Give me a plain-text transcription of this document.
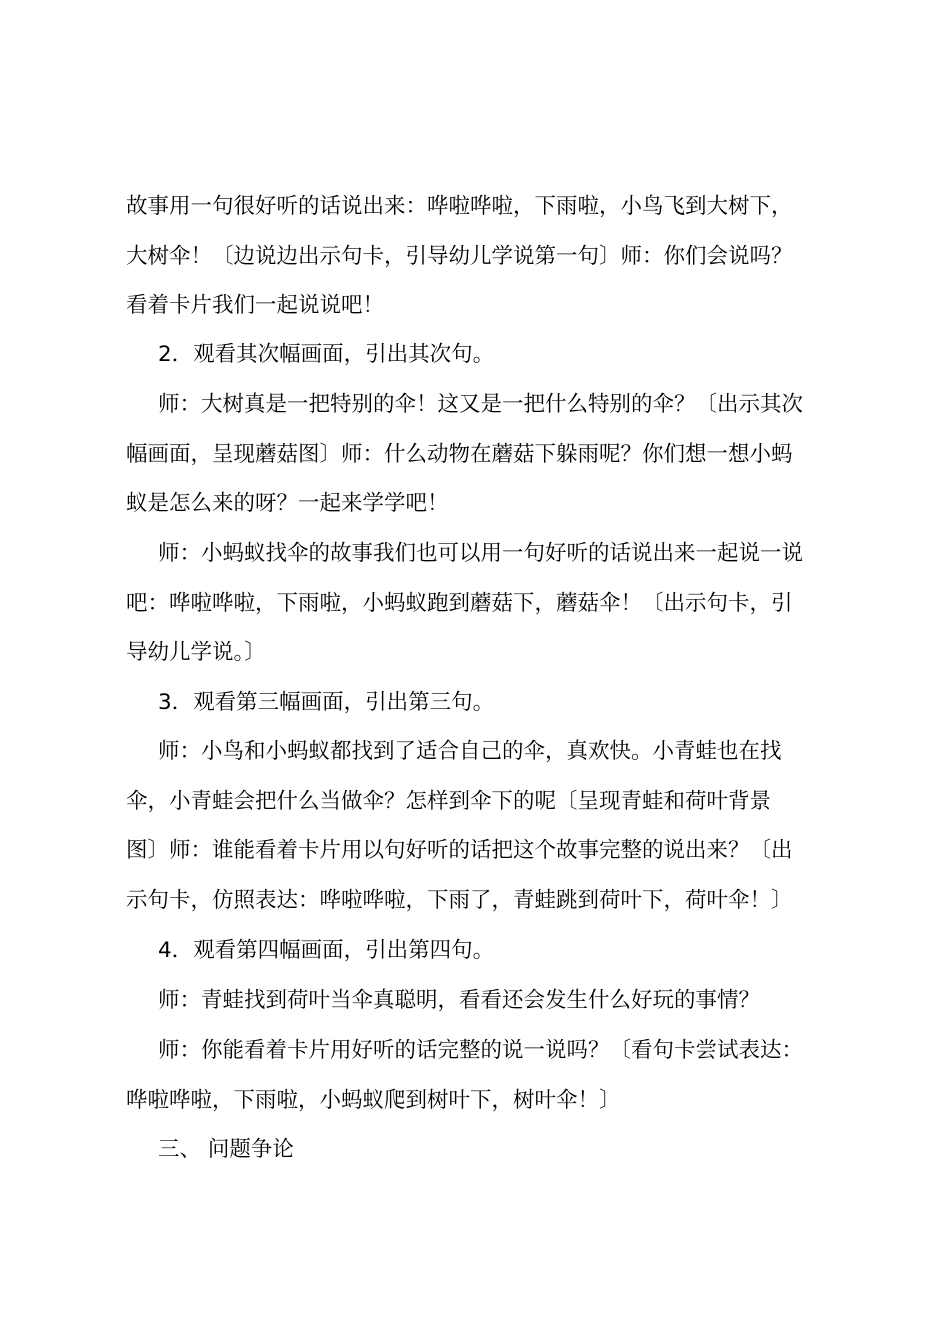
故事用一句很好听的话说出来：哗啦哗啦，下雨啦，小鸟飞到大树下，
大树伞！〔边说边出示句卡，引导幼儿学说第一句〕师：你们会说吗？
看着卡片我们一起说说吧！
2．观看其次幅画面，引出其次句。
师：大树真是一把特别的伞！这又是一把什么特别的伞？〔出示其次
幅画面，呈现蘑菇图〕师：什么动物在蘑菇下躲雨呢？你们想一想小蚂
蚁是怎么来的呀？一起来学学吧！
师：小蚂蚁找伞的故事我们也可以用一句好听的话说出来一起说一说
吧：哗啦哗啦，下雨啦，小蚂蚁跑到蘑菇下，蘑菇伞！〔出示句卡，引
导幼儿学说。〕
3．观看第三幅画面，引出第三句。
师：小鸟和小蚂蚁都找到了适合自己的伞，真欢快。小青蛙也在找
伞，小青蛙会把什么当做伞？怎样到伞下的呢〔呈现青蛙和荷叶背景
图〕师：谁能看着卡片用以句好听的话把这个故事完整的说出来？〔出
示句卡，仿照表达：哗啦哗啦，下雨了，青蛙跳到荷叶下，荷叶伞！〕
4．观看第四幅画面，引出第四句。
师：青蛙找到荷叶当伞真聪明，看看还会发生什么好玩的事情？
师：你能看着卡片用好听的话完整的说一说吗？〔看句卡尝试表达：
哗啦哗啦，下雨啦，小蚂蚁爬到树叶下，树叶伞！〕
三、 问题争论
